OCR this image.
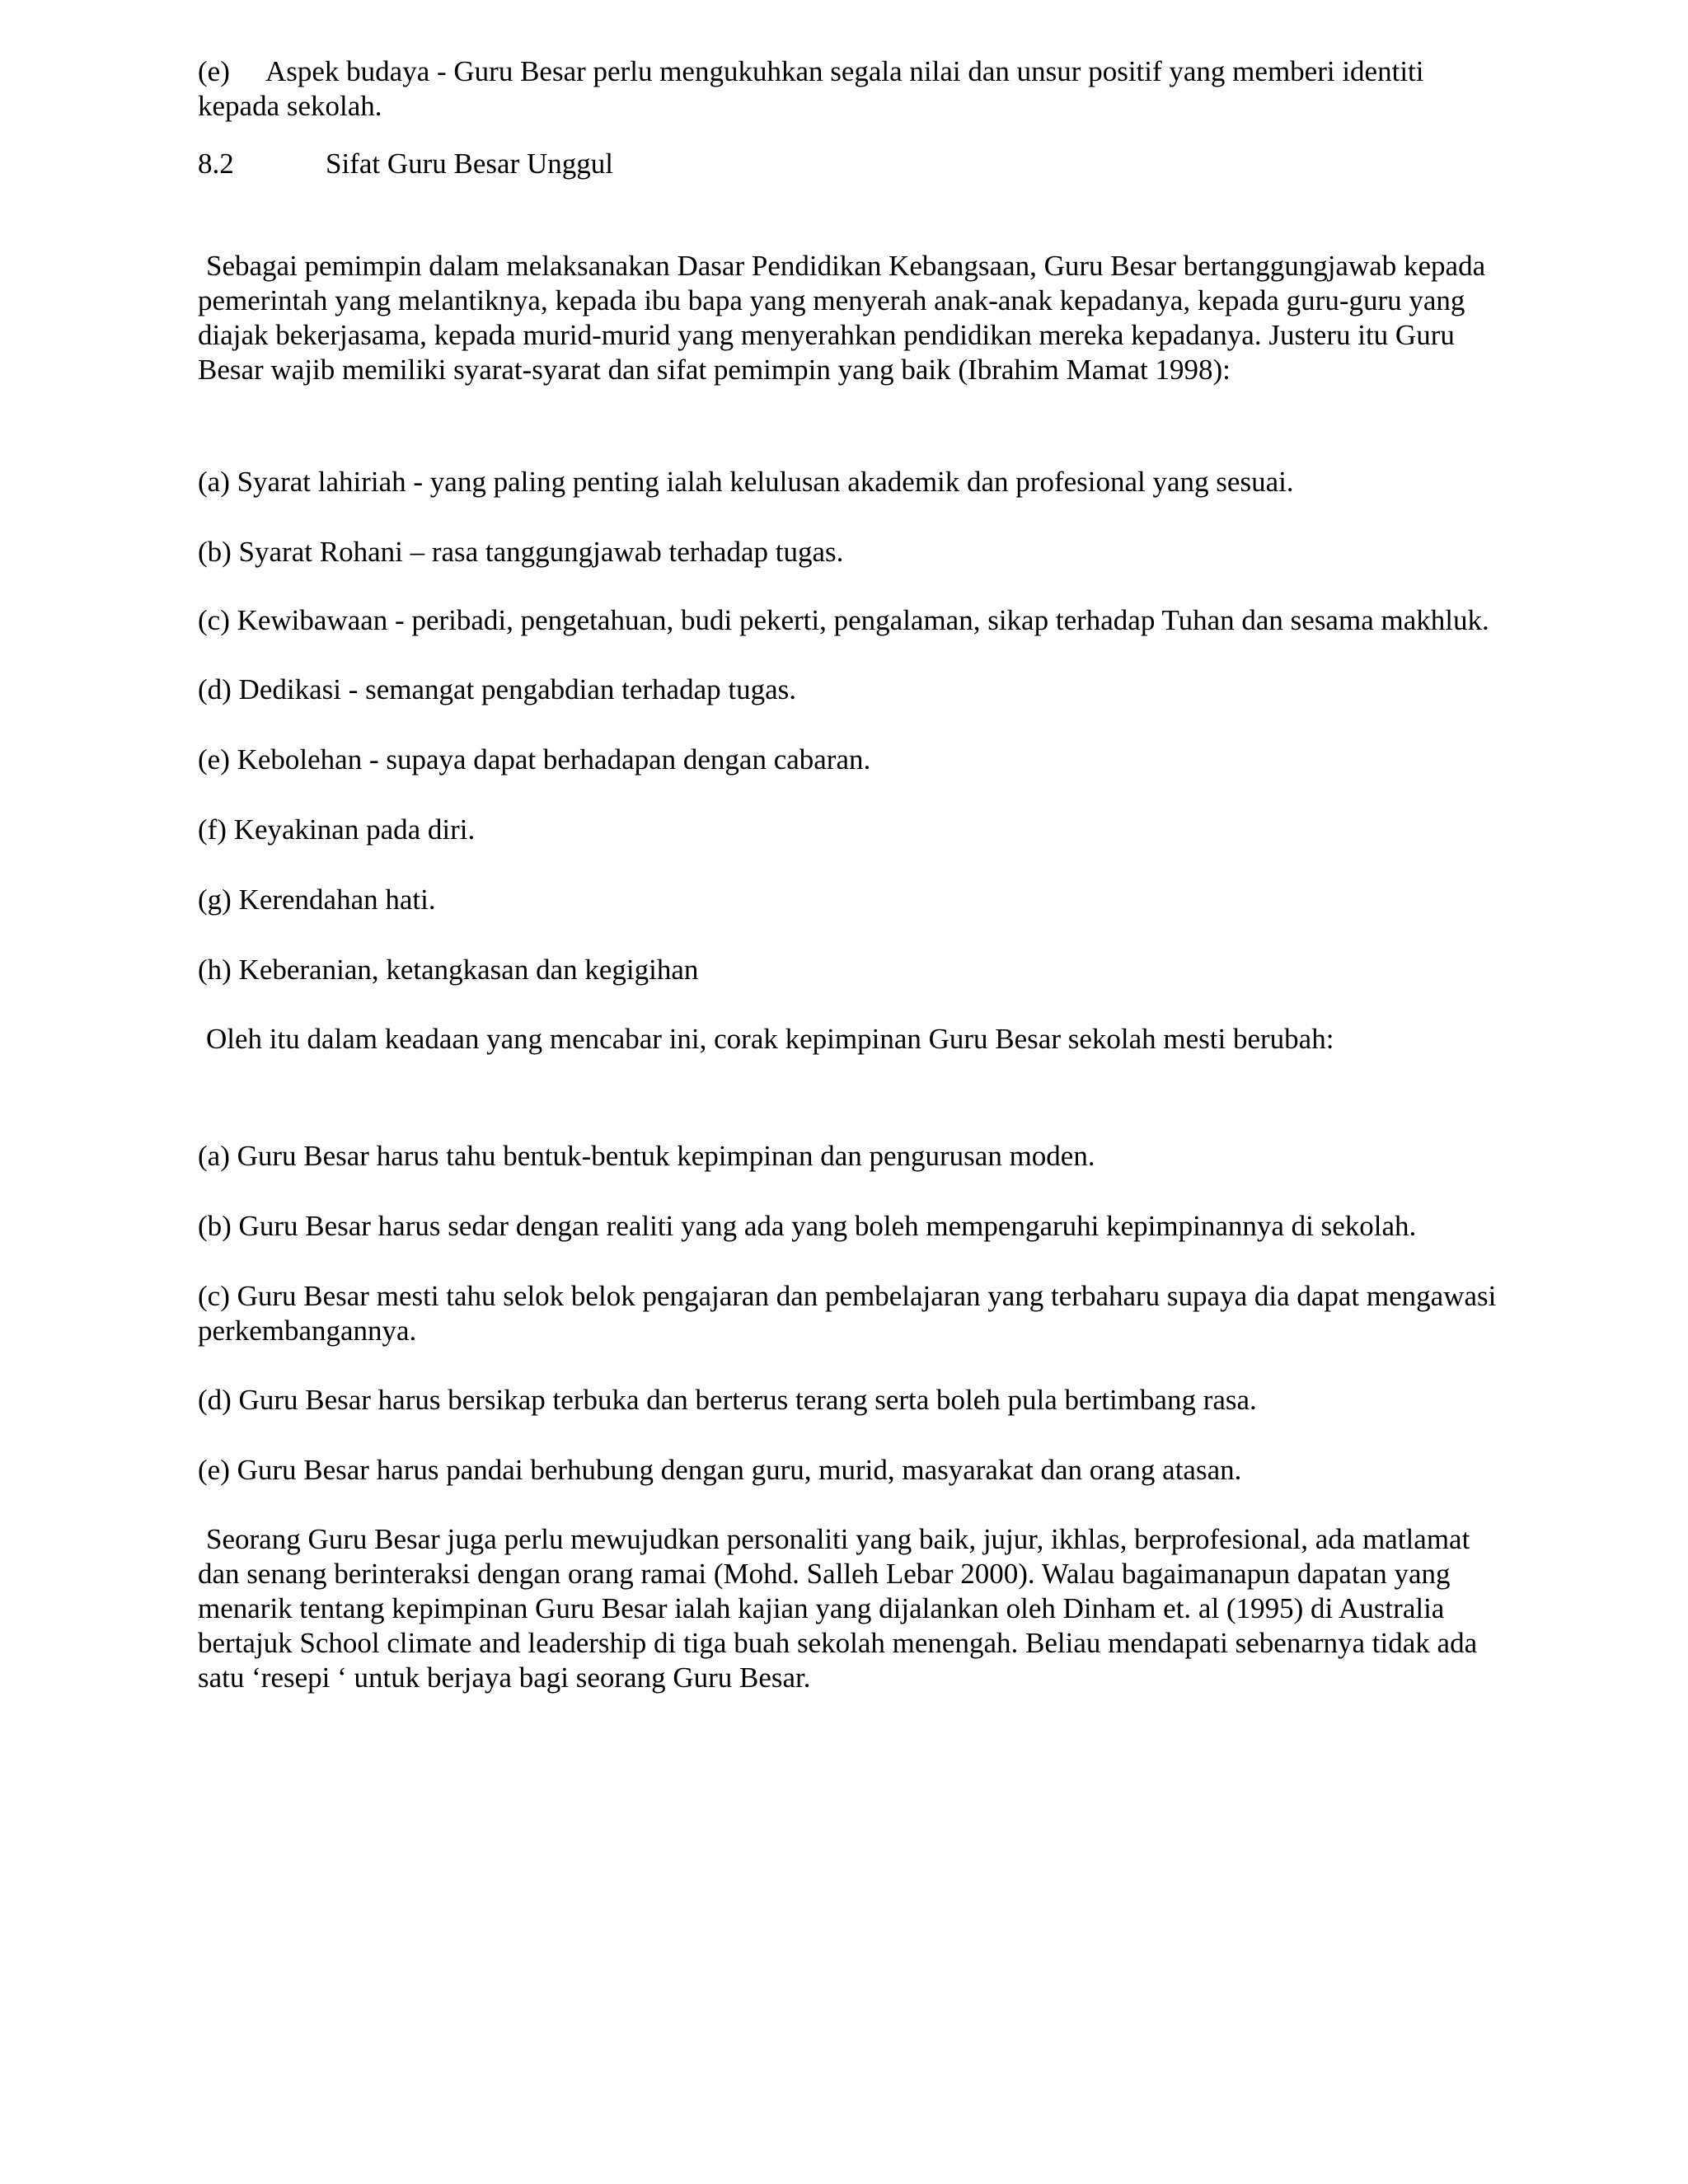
(e) Aspek budaya - Guru Besar perlu mengukuhkan segala nilai dan unsur positif yang memberi identiti kepada sekolah.

8.2	Sifat Guru Besar Unggul

Sebagai pemimpin dalam melaksanakan Dasar Pendidikan Kebangsaan, Guru Besar bertanggungjawab kepada pemerintah yang melantiknya, kepada ibu bapa yang menyerah anak-anak kepadanya, kepada guru-guru yang diajak bekerjasama, kepada murid-murid yang menyerahkan pendidikan mereka kepadanya. Justeru itu Guru Besar wajib memiliki syarat-syarat dan sifat pemimpin yang baik (Ibrahim Mamat 1998):

(a) Syarat lahiriah - yang paling penting ialah kelulusan akademik dan profesional yang sesuai.

(b) Syarat Rohani – rasa tanggungjawab terhadap tugas.

(c) Kewibawaan - peribadi, pengetahuan, budi pekerti, pengalaman, sikap terhadap Tuhan dan sesama makhluk.

(d) Dedikasi - semangat pengabdian terhadap tugas.

(e) Kebolehan - supaya dapat berhadapan dengan cabaran.

(f) Keyakinan pada diri.

(g) Kerendahan hati.

(h) Keberanian, ketangkasan dan kegigihan

Oleh itu dalam keadaan yang mencabar ini, corak kepimpinan Guru Besar sekolah mesti berubah:

(a) Guru Besar harus tahu bentuk-bentuk kepimpinan dan pengurusan moden.

(b) Guru Besar harus sedar dengan realiti yang ada yang boleh mempengaruhi kepimpinannya di sekolah.

(c) Guru Besar mesti tahu selok belok pengajaran dan pembelajaran yang terbaharu supaya dia dapat mengawasi perkembangannya.

(d) Guru Besar harus bersikap terbuka dan berterus terang serta boleh pula bertimbang rasa.

(e) Guru Besar harus pandai berhubung dengan guru, murid, masyarakat dan orang atasan.

Seorang Guru Besar juga perlu mewujudkan personaliti yang baik, jujur, ikhlas, berprofesional, ada matlamat dan senang berinteraksi dengan orang ramai (Mohd. Salleh Lebar 2000). Walau bagaimanapun dapatan yang menarik tentang kepimpinan Guru Besar ialah kajian yang dijalankan oleh Dinham et. al (1995) di Australia bertajuk School climate and leadership di tiga buah sekolah menengah. Beliau mendapati sebenarnya tidak ada satu ‘resepi ‘ untuk berjaya bagi seorang Guru Besar.
